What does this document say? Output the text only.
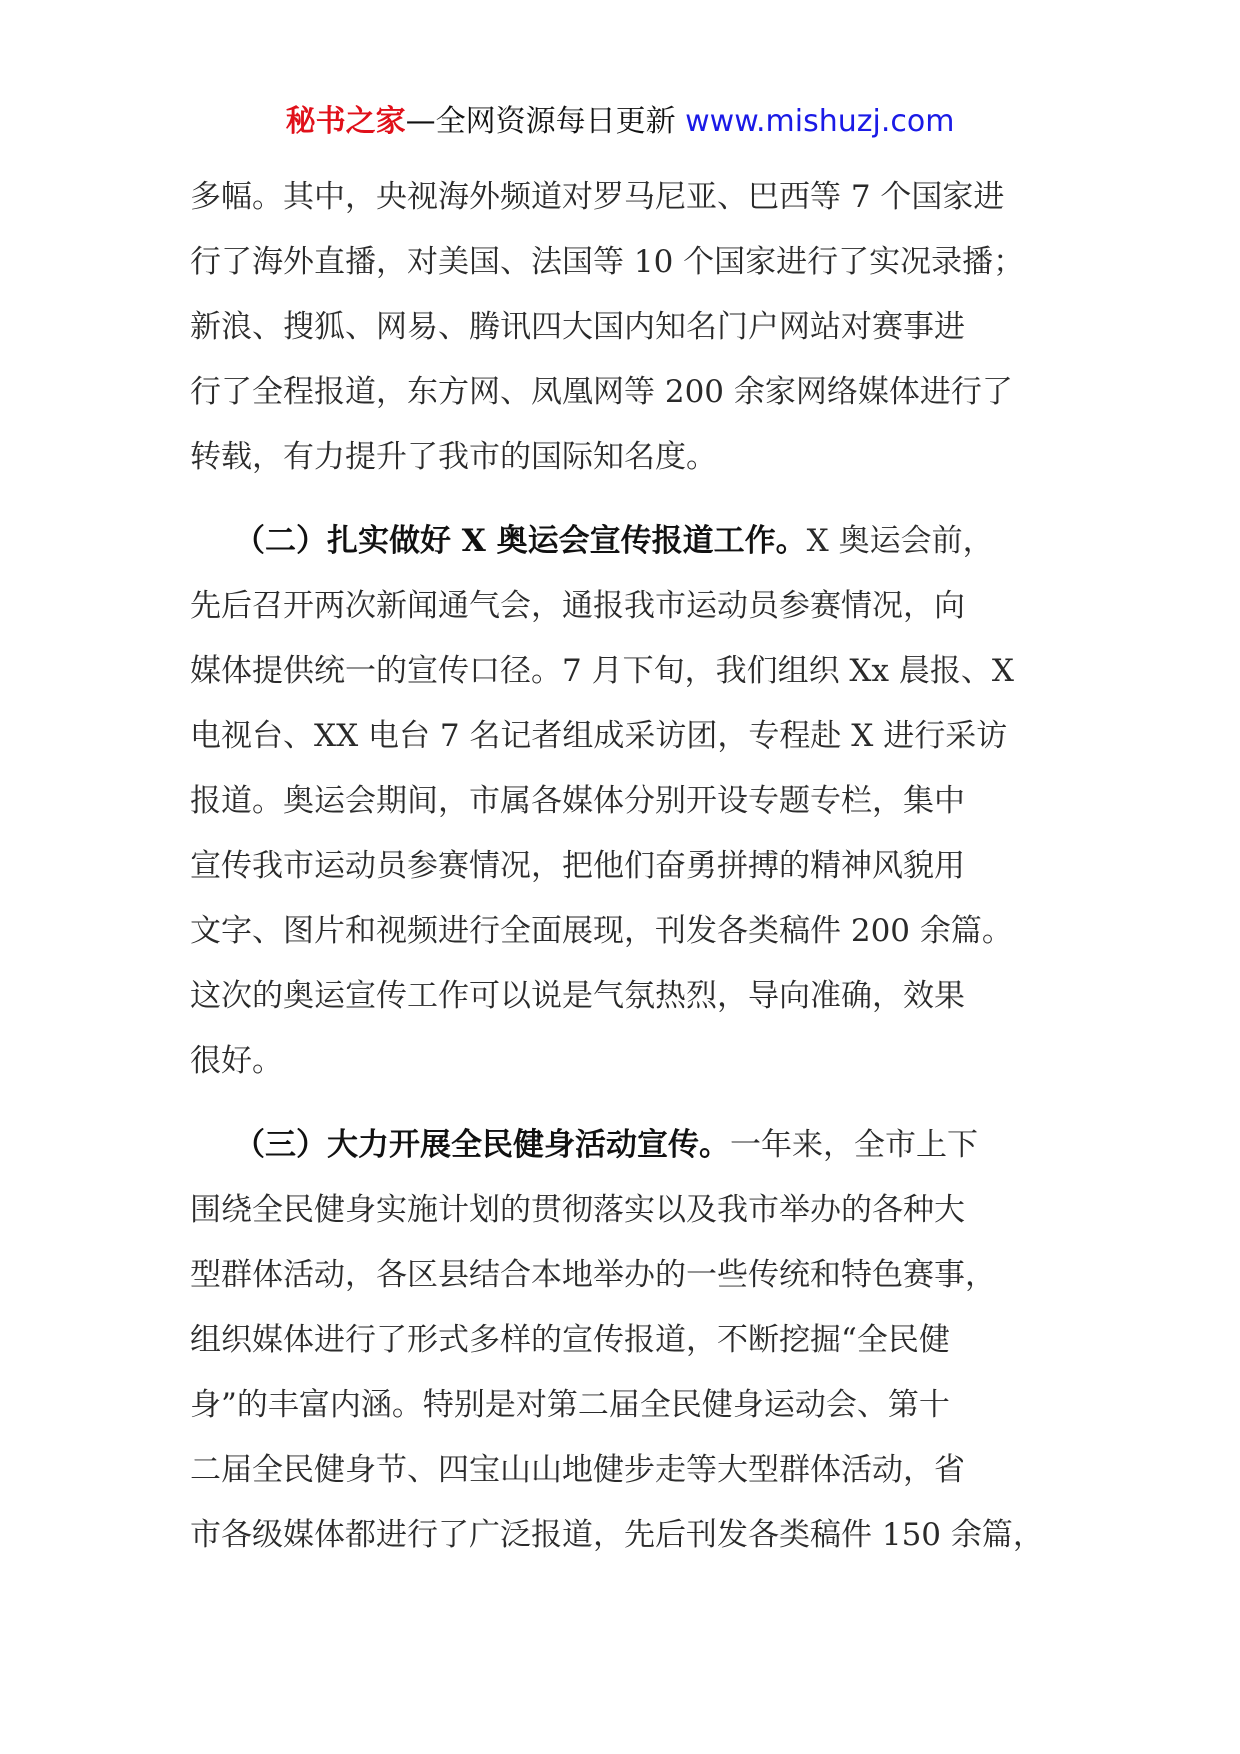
秘书之家—全网资源每日更新 www.mishuzj.com

多幅。其中，央视海外频道对罗马尼亚、巴西等 7 个国家进
行了海外直播，对美国、法国等 10 个国家进行了实况录播；
新浪、搜狐、网易、腾讯四大国内知名门户网站对赛事进
行了全程报道，东方网、凤凰网等 200 余家网络媒体进行了
转载，有力提升了我市的国际知名度。

（二）扎实做好 X 奥运会宣传报道工作。X 奥运会前，
先后召开两次新闻通气会，通报我市运动员参赛情况，向
媒体提供统一的宣传口径。7 月下旬，我们组织 Xx 晨报、X
电视台、XX 电台 7 名记者组成采访团，专程赴 X 进行采访
报道。奥运会期间，市属各媒体分别开设专题专栏，集中
宣传我市运动员参赛情况，把他们奋勇拼搏的精神风貌用
文字、图片和视频进行全面展现，刊发各类稿件 200 余篇。
这次的奥运宣传工作可以说是气氛热烈，导向准确，效果
很好。

（三）大力开展全民健身活动宣传。一年来，全市上下
围绕全民健身实施计划的贯彻落实以及我市举办的各种大
型群体活动，各区县结合本地举办的一些传统和特色赛事，
组织媒体进行了形式多样的宣传报道，不断挖掘“全民健
身”的丰富内涵。特别是对第二届全民健身运动会、第十
二届全民健身节、四宝山山地健步走等大型群体活动，省
市各级媒体都进行了广泛报道，先后刊发各类稿件 150 余篇，
